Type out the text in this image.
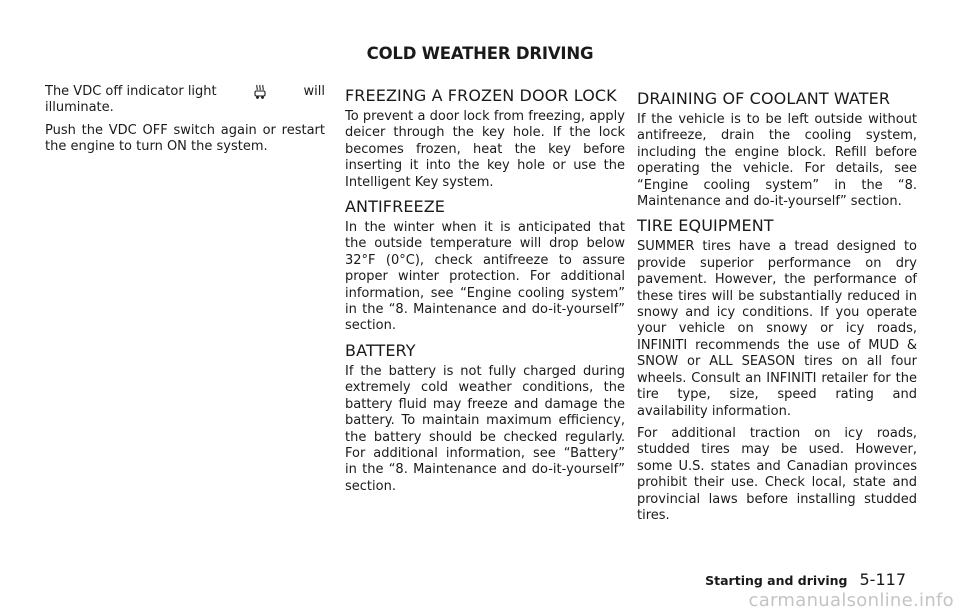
COLD WEATHER DRIVING

The VDC off indicator light	will

illuminate.

Push the VDC OFF switch again or restart the engine to turn ON the system.

FREEZING A FROZEN DOOR LOCK

To prevent a door lock from freezing, apply deicer through the key hole. If the lock becomes frozen, heat the key before inserting it into the key hole or use the Intelligent Key system.

ANTIFREEZE

In the winter when it is anticipated that the outside temperature will drop below 32°F (0°C), check antifreeze to assure proper winter protection. For additional information, see “Engine cooling system” in the “8. Maintenance and do-it-yourself” section.

BATTERY

If the battery is not fully charged during extremely cold weather conditions, the battery fluid may freeze and damage the battery. To maintain maximum efficiency, the battery should be checked regularly. For additional information, see “Battery” in the “8. Maintenance and do-it-yourself” section.

DRAINING OF COOLANT WATER

If the vehicle is to be left outside without antifreeze, drain the cooling system, including the engine block. Refill before operating the vehicle. For details, see “Engine cooling system” in the “8. Maintenance and do-it-yourself” section.

TIRE EQUIPMENT

SUMMER tires have a tread designed to provide superior performance on dry pavement. However, the performance of these tires will be substantially reduced in snowy and icy conditions. If you operate your vehicle on snowy or icy roads, INFINITI recommends the use of MUD & SNOW or ALL SEASON tires on all four wheels. Consult an INFINITI retailer for the tire type, size, speed rating and availability information.

For additional traction on icy roads, studded tires may be used. However, some U.S. states and Canadian provinces prohibit their use. Check local, state and provincial laws before installing studded tires.

Starting and driving 5-117
carmanualsonline.info
